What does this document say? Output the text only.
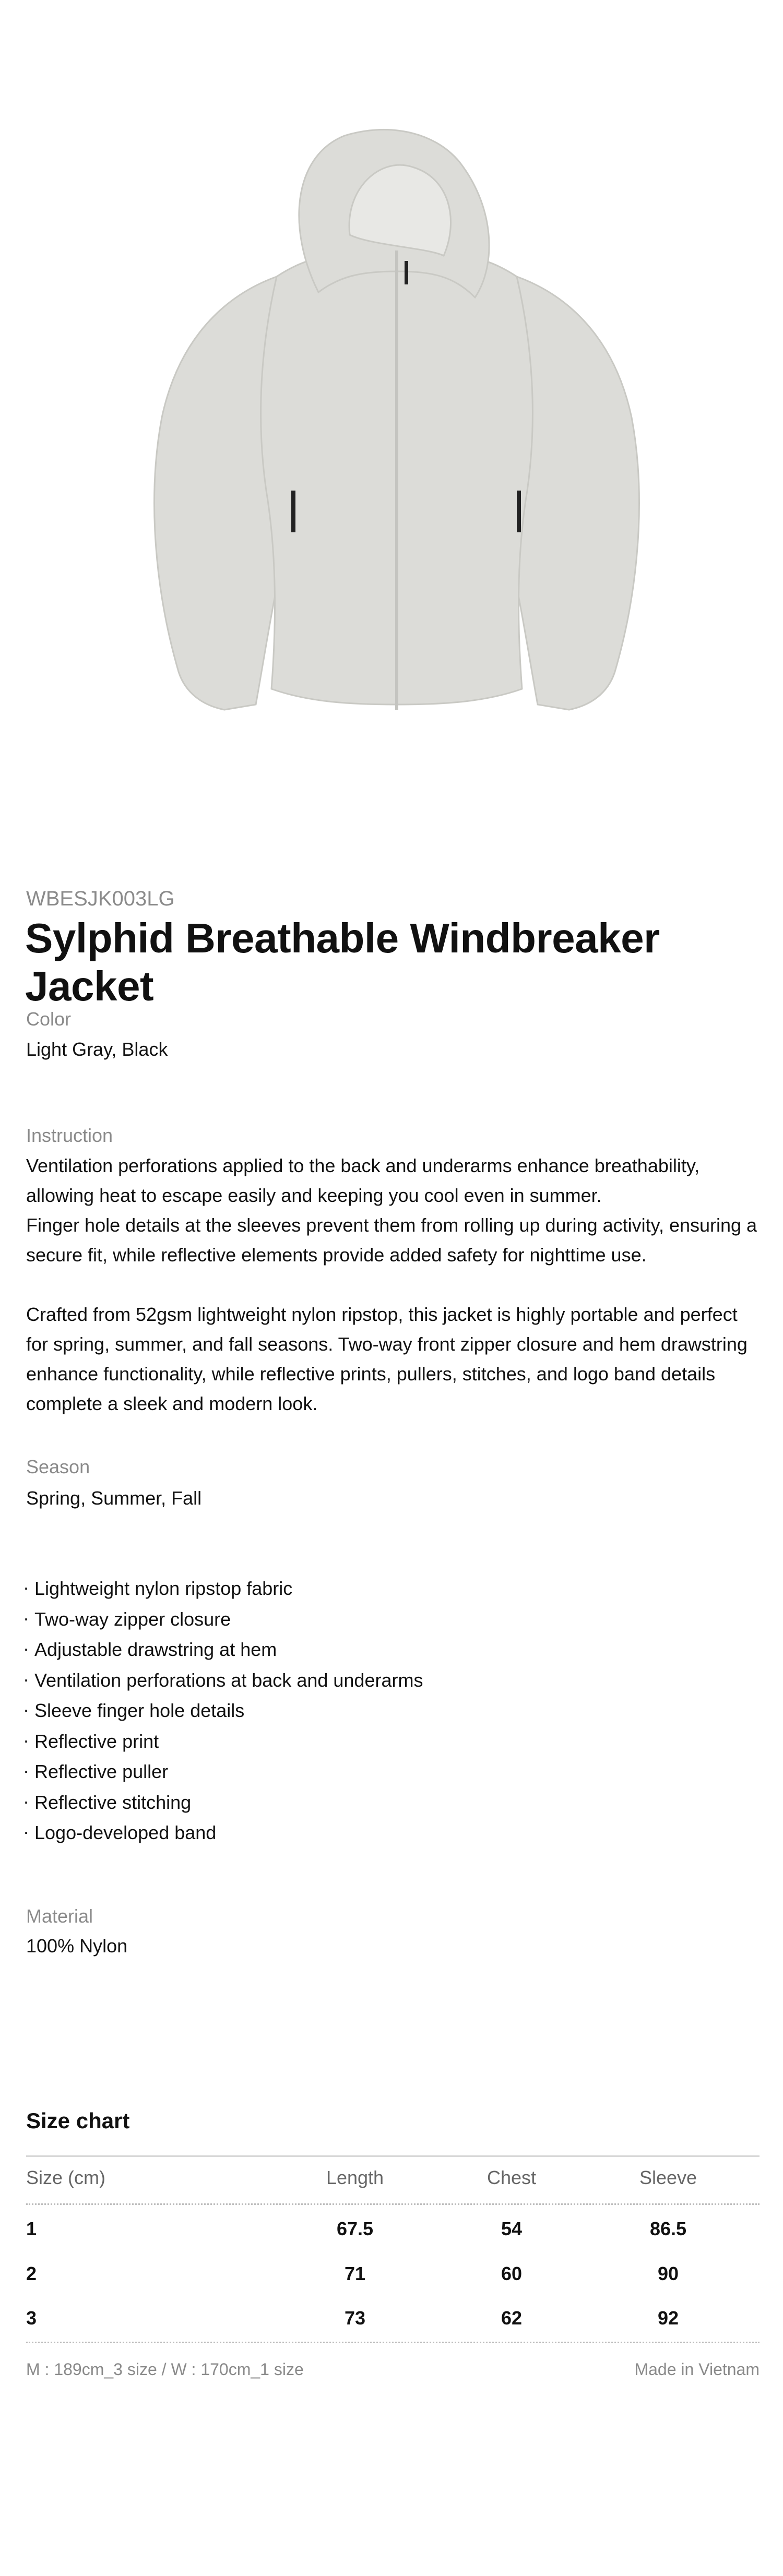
WBESJK003LG
Sylphid Breathable Windbreaker Jacket
Color
Light Gray, Black
Instruction

Ventilation perforations applied to the back and underarms enhance breathability, allowing heat to escape easily and keeping you cool even in summer.

Finger hole details at the sleeves prevent them from rolling up during activity, ensuring a secure fit, while reflective elements provide added safety for nighttime use.

Crafted from 52gsm lightweight nylon ripstop, this jacket is highly portable and perfect for spring, summer, and fall seasons. Two-way front zipper closure and hem drawstring enhance functionality, while reflective prints, pullers, stitches, and logo band details complete a sleek and modern look.

Season
Spring, Summer, Fall
· Lightweight nylon ripstop fabric
· Two-way zipper closure
· Adjustable drawstring at hem
· Ventilation perforations at back and underarms
· Sleeve finger hole details
· Reflective print
· Reflective puller
· Reflective stitching
· Logo-developed band
Material
100% Nylon
Size chart
Size (cm)	Length	Chest	Sleeve
1	67.5	54	86.5
2	71	60	90
3	73	62	92
M : 189cm_3 size / W : 170cm_1 size	Made in Vietnam
